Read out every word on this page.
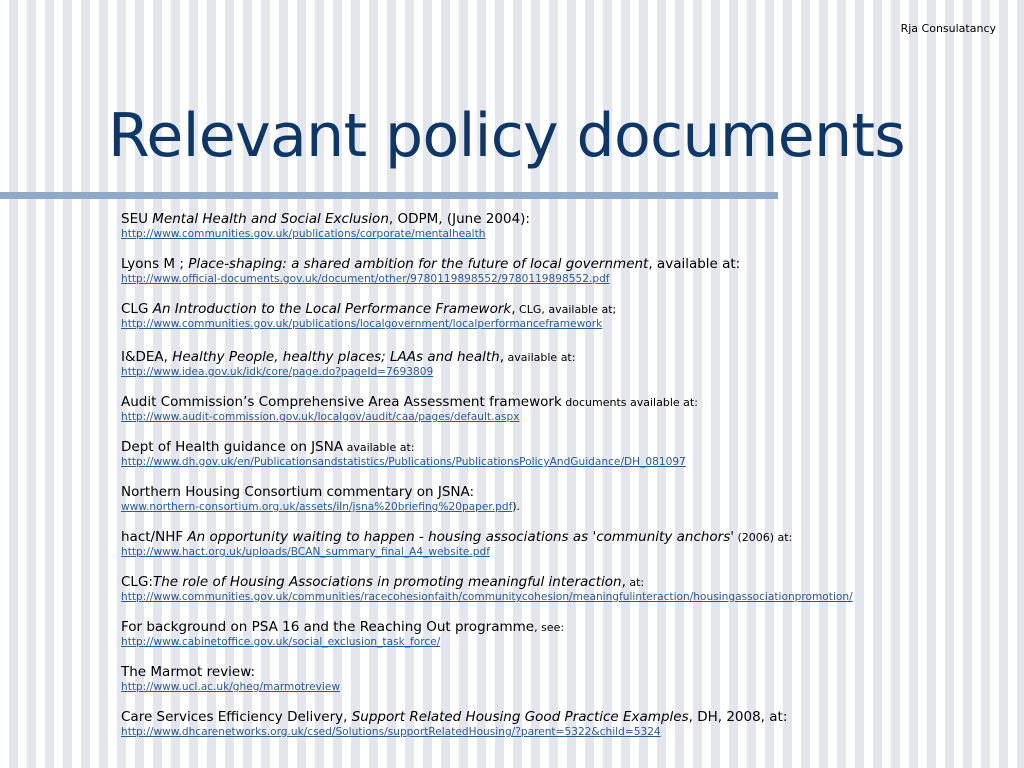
Rja Consulatancy
Relevant policy documents
SEU Mental Health and Social Exclusion, ODPM, (June 2004):
http://www.communities.gov.uk/publications/corporate/mentalhealth
Lyons M ; Place-shaping: a shared ambition for the future of local government, available at:
http://www.official-documents.gov.uk/document/other/9780119898552/9780119898552.pdf
CLG An Introduction to the Local Performance Framework, CLG, available at;
http://www.communities.gov.uk/publications/localgovernment/localperformanceframework
I&DEA, Healthy People, healthy places; LAAs and health, available at:
http://www.idea.gov.uk/idk/core/page.do?pageId=7693809
Audit Commission’s Comprehensive Area Assessment framework documents available at:
http://www.audit-commission.gov.uk/localgov/audit/caa/pages/default.aspx
Dept of Health guidance on JSNA available at:
http://www.dh.gov.uk/en/Publicationsandstatistics/Publications/PublicationsPolicyAndGuidance/DH_081097
Northern Housing Consortium commentary on JSNA:
www.northern-consortium.org.uk/assets/iln/jsna%20briefing%20paper.pdf).
hact/NHF An opportunity waiting to happen - housing associations as 'community anchors' (2006) at:
http://www.hact.org.uk/uploads/BCAN_summary_final_A4_website.pdf
CLG:The role of Housing Associations in promoting meaningful interaction, at:
http://www.communities.gov.uk/communities/racecohesionfaith/communitycohesion/meaningfulinteraction/housingassociationpromotion/
For background on PSA 16 and the Reaching Out programme, see:
http://www.cabinetoffice.gov.uk/social_exclusion_task_force/
The Marmot review:
http://www.ucl.ac.uk/gheg/marmotreview
Care Services Efficiency Delivery, Support Related Housing Good Practice Examples, DH, 2008, at:
http://www.dhcarenetworks.org.uk/csed/Solutions/supportRelatedHousing/?parent=5322&child=5324
